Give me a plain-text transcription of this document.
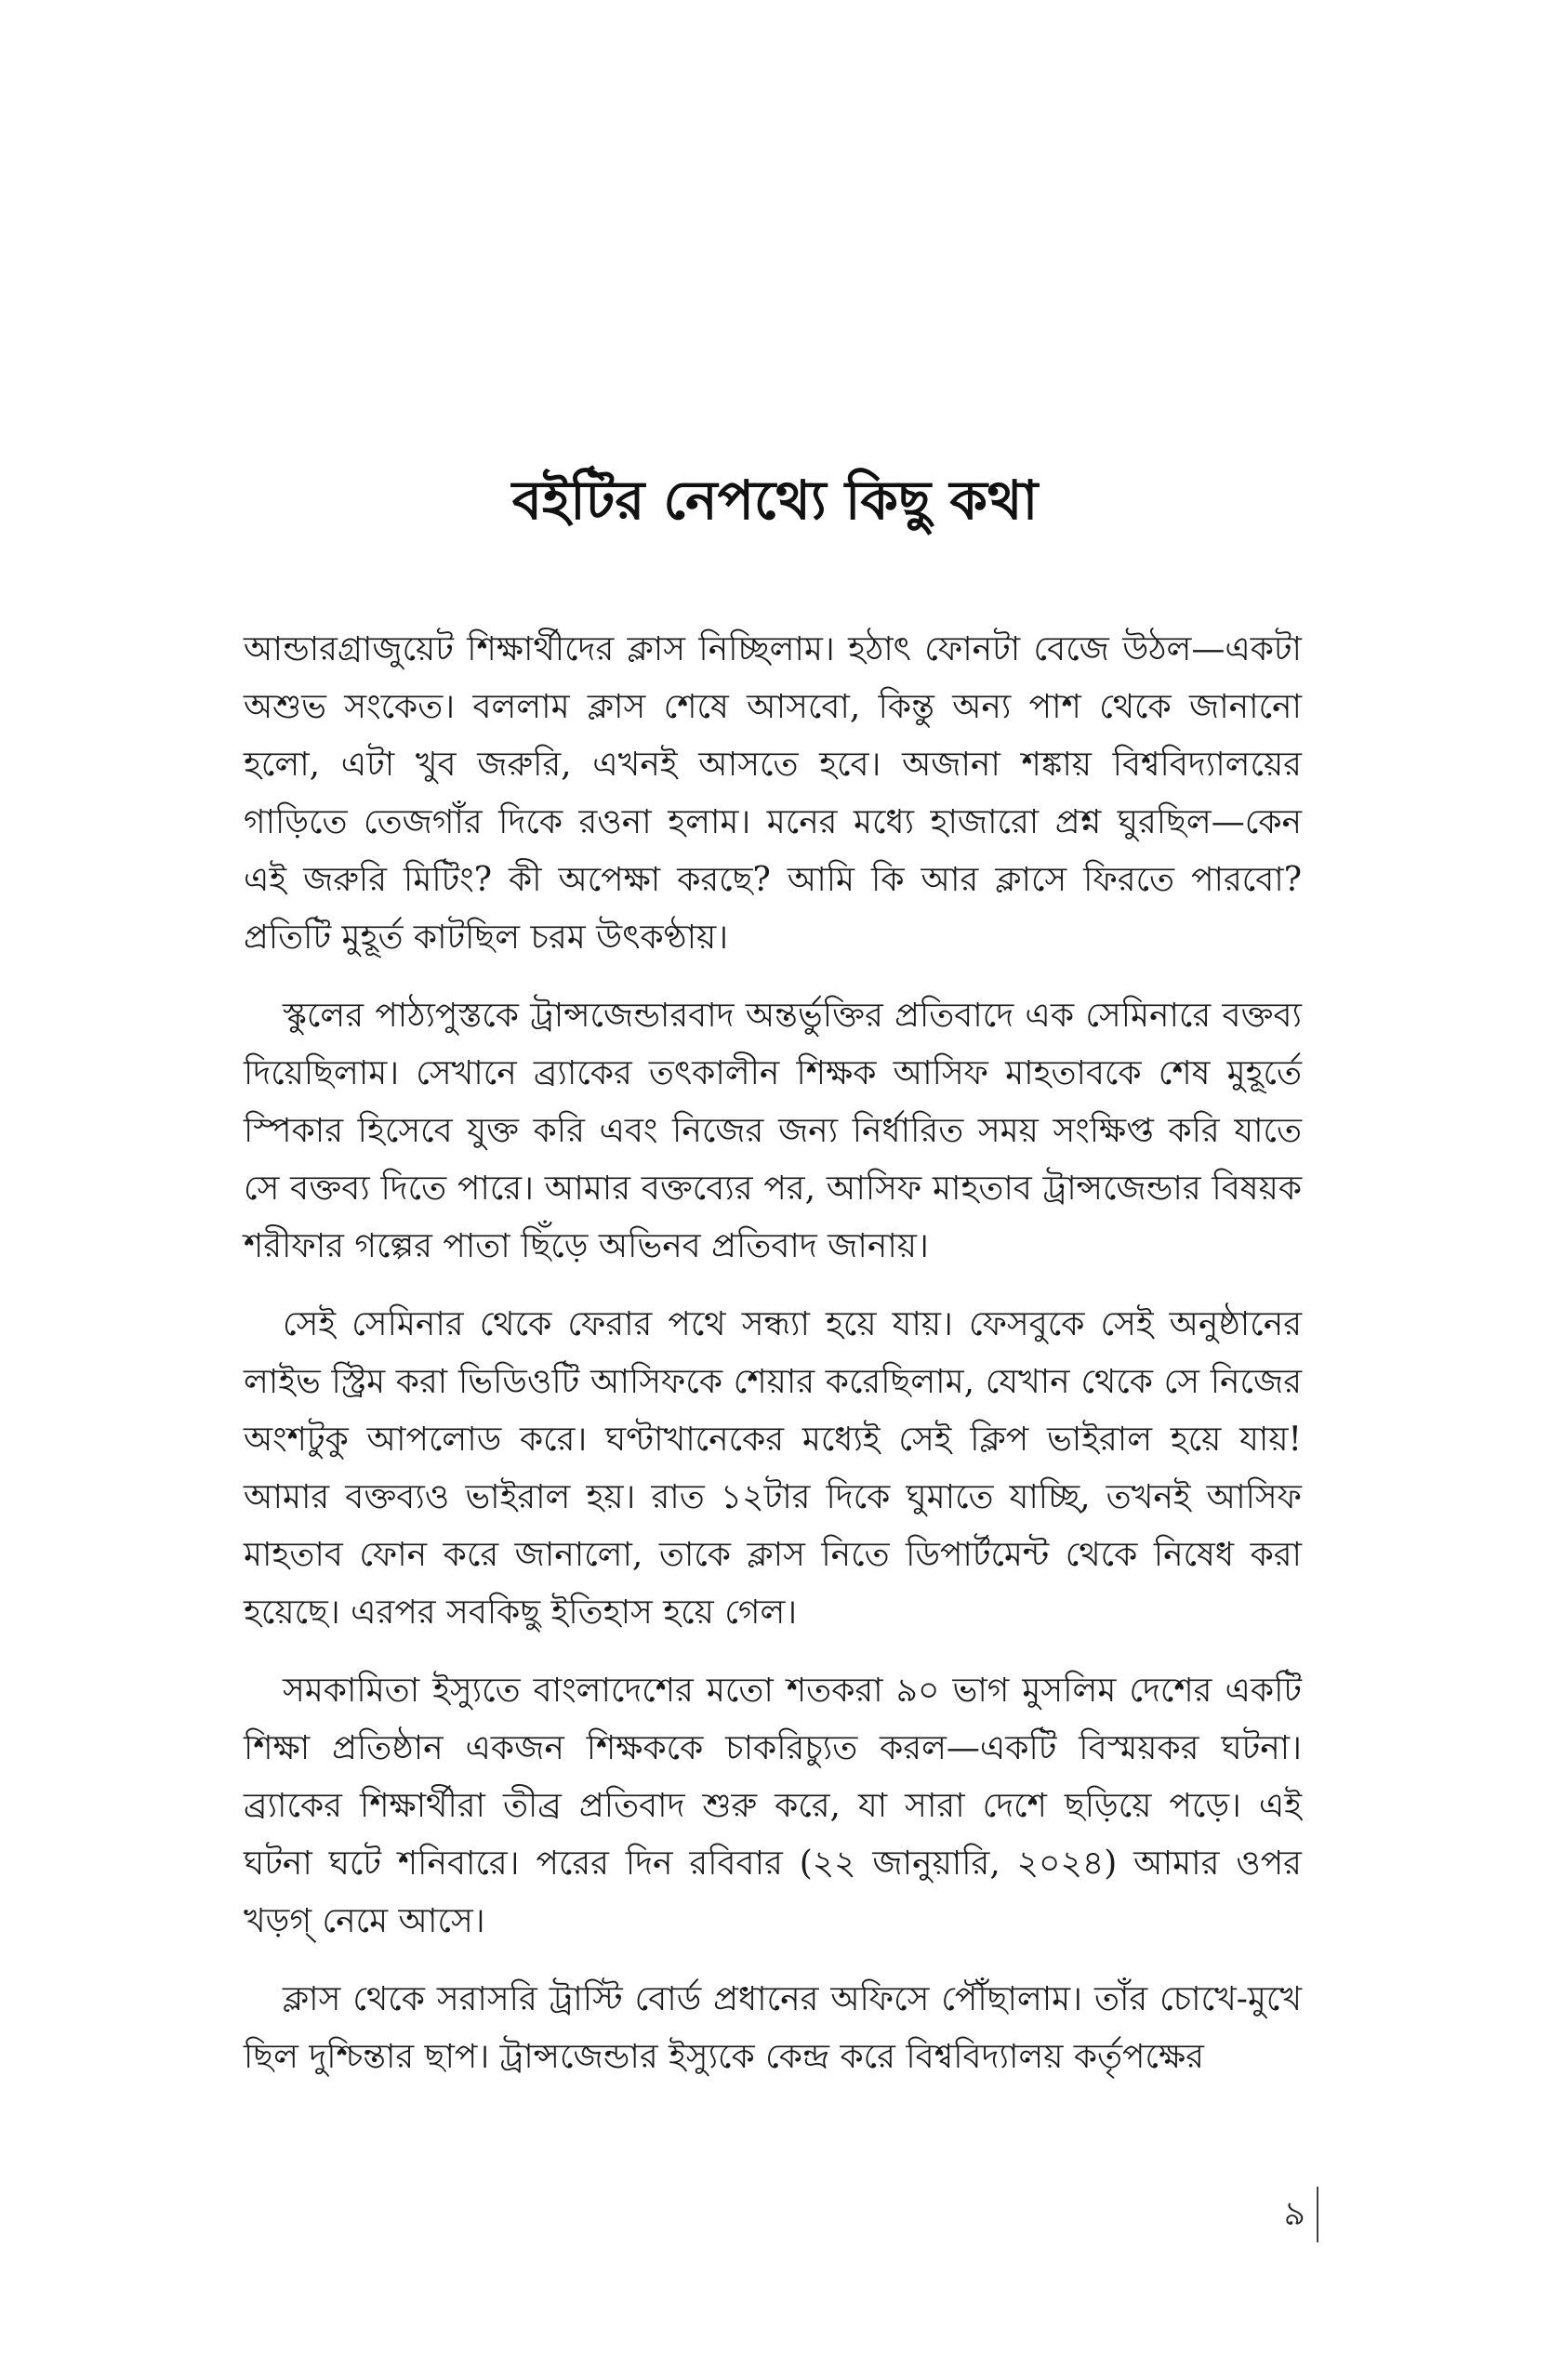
বইটির নেপথ্যে কিছু কথা

আন্ডারগ্রাজুয়েট শিক্ষার্থীদের ক্লাস নিচ্ছিলাম। হঠাৎ ফোনটা বেজে উঠল—একটা অশুভ সংকেত। বললাম ক্লাস শেষে আসবো, কিন্তু অন্য পাশ থেকে জানানো হলো, এটা খুব জরুরি, এখনই আসতে হবে। অজানা শঙ্কায় বিশ্ববিদ্যালয়ের গাড়িতে তেজগাঁর দিকে রওনা হলাম। মনের মধ্যে হাজারো প্রশ্ন ঘুরছিল—কেন এই জরুরি মিটিং? কী অপেক্ষা করছে? আমি কি আর ক্লাসে ফিরতে পারবো? প্রতিটি মুহূর্ত কাটছিল চরম উৎকণ্ঠায়।

স্কুলের পাঠ্যপুস্তকে ট্রান্সজেন্ডারবাদ অন্তর্ভুক্তির প্রতিবাদে এক সেমিনারে বক্তব্য দিয়েছিলাম। সেখানে ব্র্যাকের তৎকালীন শিক্ষক আসিফ মাহতাবকে শেষ মুহূর্তে স্পিকার হিসেবে যুক্ত করি এবং নিজের জন্য নির্ধারিত সময় সংক্ষিপ্ত করি যাতে সে বক্তব্য দিতে পারে। আমার বক্তব্যের পর, আসিফ মাহতাব ট্রান্সজেন্ডার বিষয়ক শরীফার গল্পের পাতা ছিঁড়ে অভিনব প্রতিবাদ জানায়।

সেই সেমিনার থেকে ফেরার পথে সন্ধ্যা হয়ে যায়। ফেসবুকে সেই অনুষ্ঠানের লাইভ স্ট্রিম করা ভিডিওটি আসিফকে শেয়ার করেছিলাম, যেখান থেকে সে নিজের অংশটুকু আপলোড করে। ঘণ্টাখানেকের মধ্যেই সেই ক্লিপ ভাইরাল হয়ে যায়! আমার বক্তব্যও ভাইরাল হয়। রাত ১২টার দিকে ঘুমাতে যাচ্ছি, তখনই আসিফ মাহতাব ফোন করে জানালো, তাকে ক্লাস নিতে ডিপার্টমেন্ট থেকে নিষেধ করা হয়েছে। এরপর সবকিছু ইতিহাস হয়ে গেল।

সমকামিতা ইস্যুতে বাংলাদেশের মতো শতকরা ৯০ ভাগ মুসলিম দেশের একটি শিক্ষা প্রতিষ্ঠান একজন শিক্ষককে চাকরিচ্যুত করল—একটি বিস্ময়কর ঘটনা। ব্র্যাকের শিক্ষার্থীরা তীব্র প্রতিবাদ শুরু করে, যা সারা দেশে ছড়িয়ে পড়ে। এই ঘটনা ঘটে শনিবারে। পরের দিন রবিবার (২২ জানুয়ারি, ২০২৪) আমার ওপর খড়গ্ নেমে আসে।

ক্লাস থেকে সরাসরি ট্রাস্টি বোর্ড প্রধানের অফিসে পৌঁছালাম। তাঁর চোখে-মুখে ছিল দুশ্চিন্তার ছাপ। ট্রান্সজেন্ডার ইস্যুকে কেন্দ্র করে বিশ্ববিদ্যালয় কর্তৃপক্ষের

৯
